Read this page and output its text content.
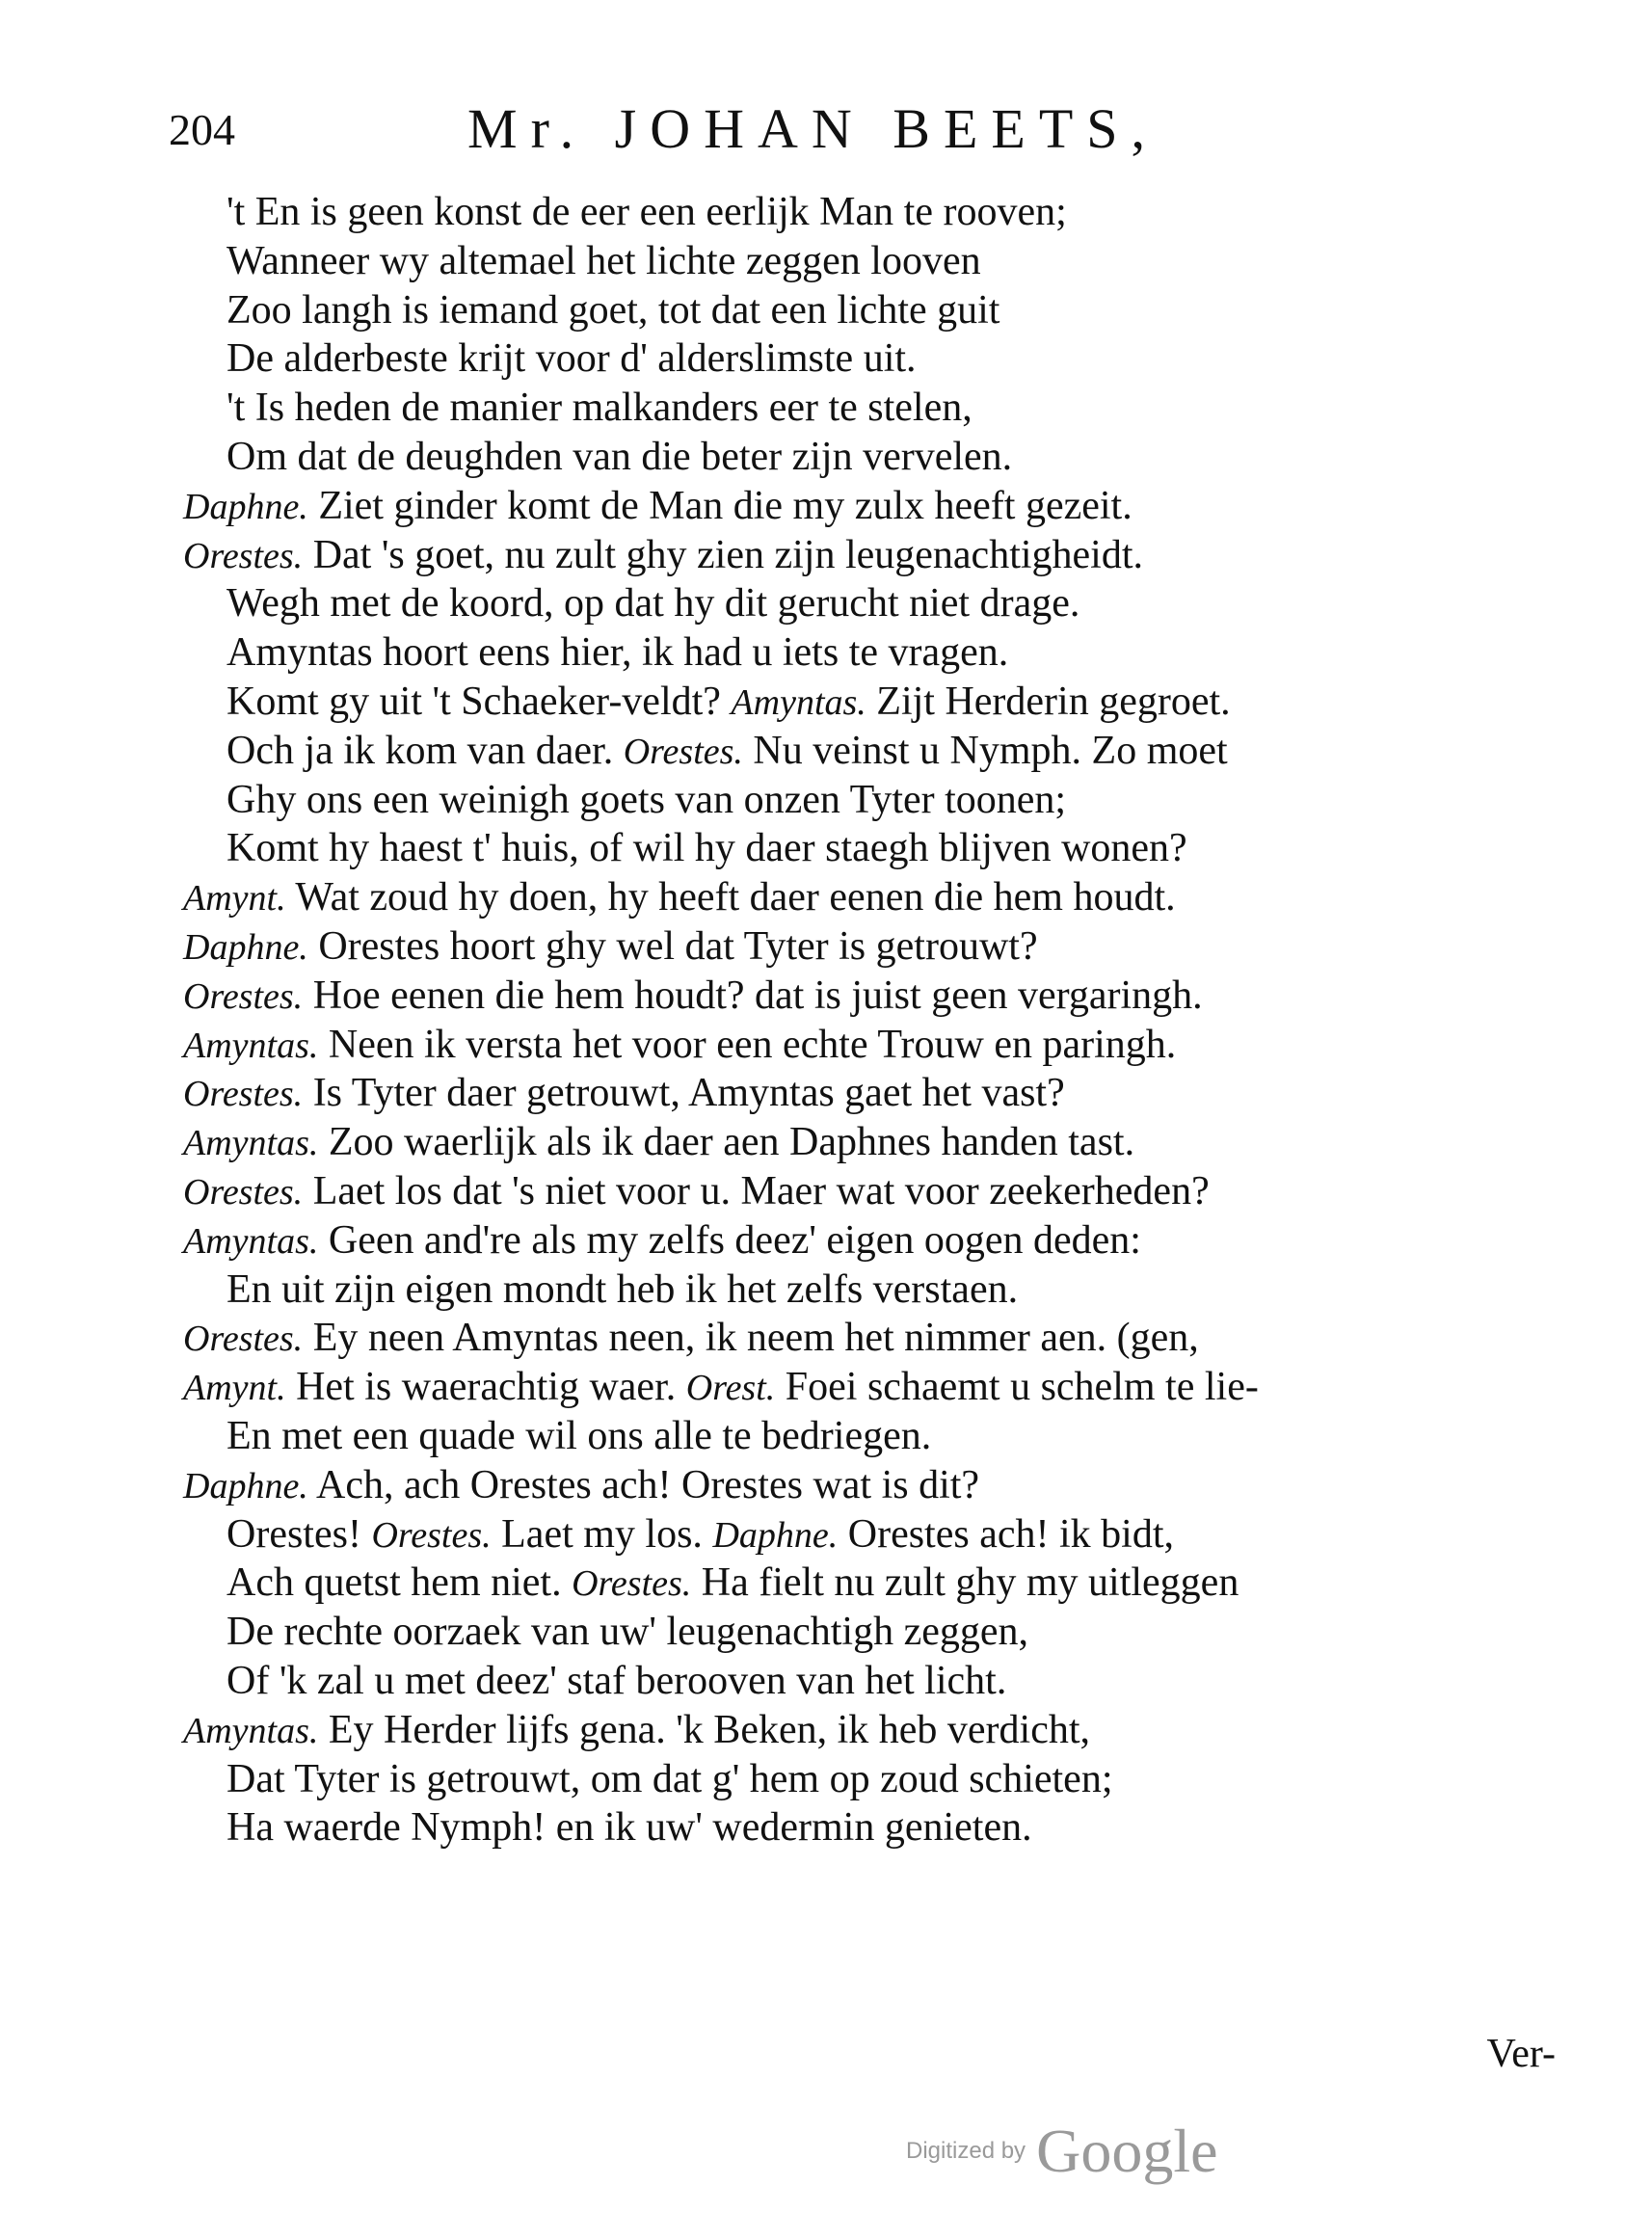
204	Mr. JOHAN BEETS,
't En is geen konst de eer een eerlijk Man te rooven;
Wanneer wy altemael het lichte zeggen looven
Zoo langh is iemand goet, tot dat een lichte guit
De alderbeste krijt voor d' alderslimste uit.
't Is heden de manier malkanders eer te stelen,
Om dat de deughden van die beter zijn vervelen.
Daphne. Ziet ginder komt de Man die my zulx heeft gezeit.
Orestes. Dat 's goet, nu zult ghy zien zijn leugenachtigheidt.
Wegh met de koord, op dat hy dit gerucht niet drage.
Amyntas hoort eens hier, ik had u iets te vragen.
Komt gy uit 't Schaeker-veldt? Amyntas. Zijt Herderin gegroet.
Och ja ik kom van daer. Orestes. Nu veinst u Nymph. Zo moet
Ghy ons een weinigh goets van onzen Tyter toonen;
Komt hy haest t' huis, of wil hy daer staegh blijven wonen?
Amynt. Wat zoud hy doen, hy heeft daer eenen die hem houdt.
Daphne. Orestes hoort ghy wel dat Tyter is getrouwt?
Orestes. Hoe eenen die hem houdt? dat is juist geen vergaringh.
Amyntas. Neen ik versta het voor een echte Trouw en paringh.
Orestes. Is Tyter daer getrouwt, Amyntas gaet het vast?
Amyntas. Zoo waerlijk als ik daer aen Daphnes handen tast.
Orestes. Laet los dat 's niet voor u. Maer wat voor zeekerheden?
Amyntas. Geen and're als my zelfs deez' eigen oogen deden:
En uit zijn eigen mondt heb ik het zelfs verstaen.
Orestes. Ey neen Amyntas neen, ik neem het nimmer aen. (gen,
Amynt. Het is waerachtig waer. Orest. Foei schaemt u schelm te lie-
En met een quade wil ons alle te bedriegen.
Daphne. Ach, ach Orestes ach! Orestes wat is dit?
Orestes! Orestes. Laet my los. Daphne. Orestes ach! ik bidt,
Ach quetst hem niet. Orestes. Ha fielt nu zult ghy my uitleggen
De rechte oorzaek van uw' leugenachtigh zeggen,
Of 'k zal u met deez' staf berooven van het licht.
Amyntas. Ey Herder lijfs gena. 'k Beken, ik heb verdicht,
Dat Tyter is getrouwt, om dat g' hem op zoud schieten;
Ha waerde Nymph! en ik uw' wedermin genieten.
Ver-
Digitized by Google
